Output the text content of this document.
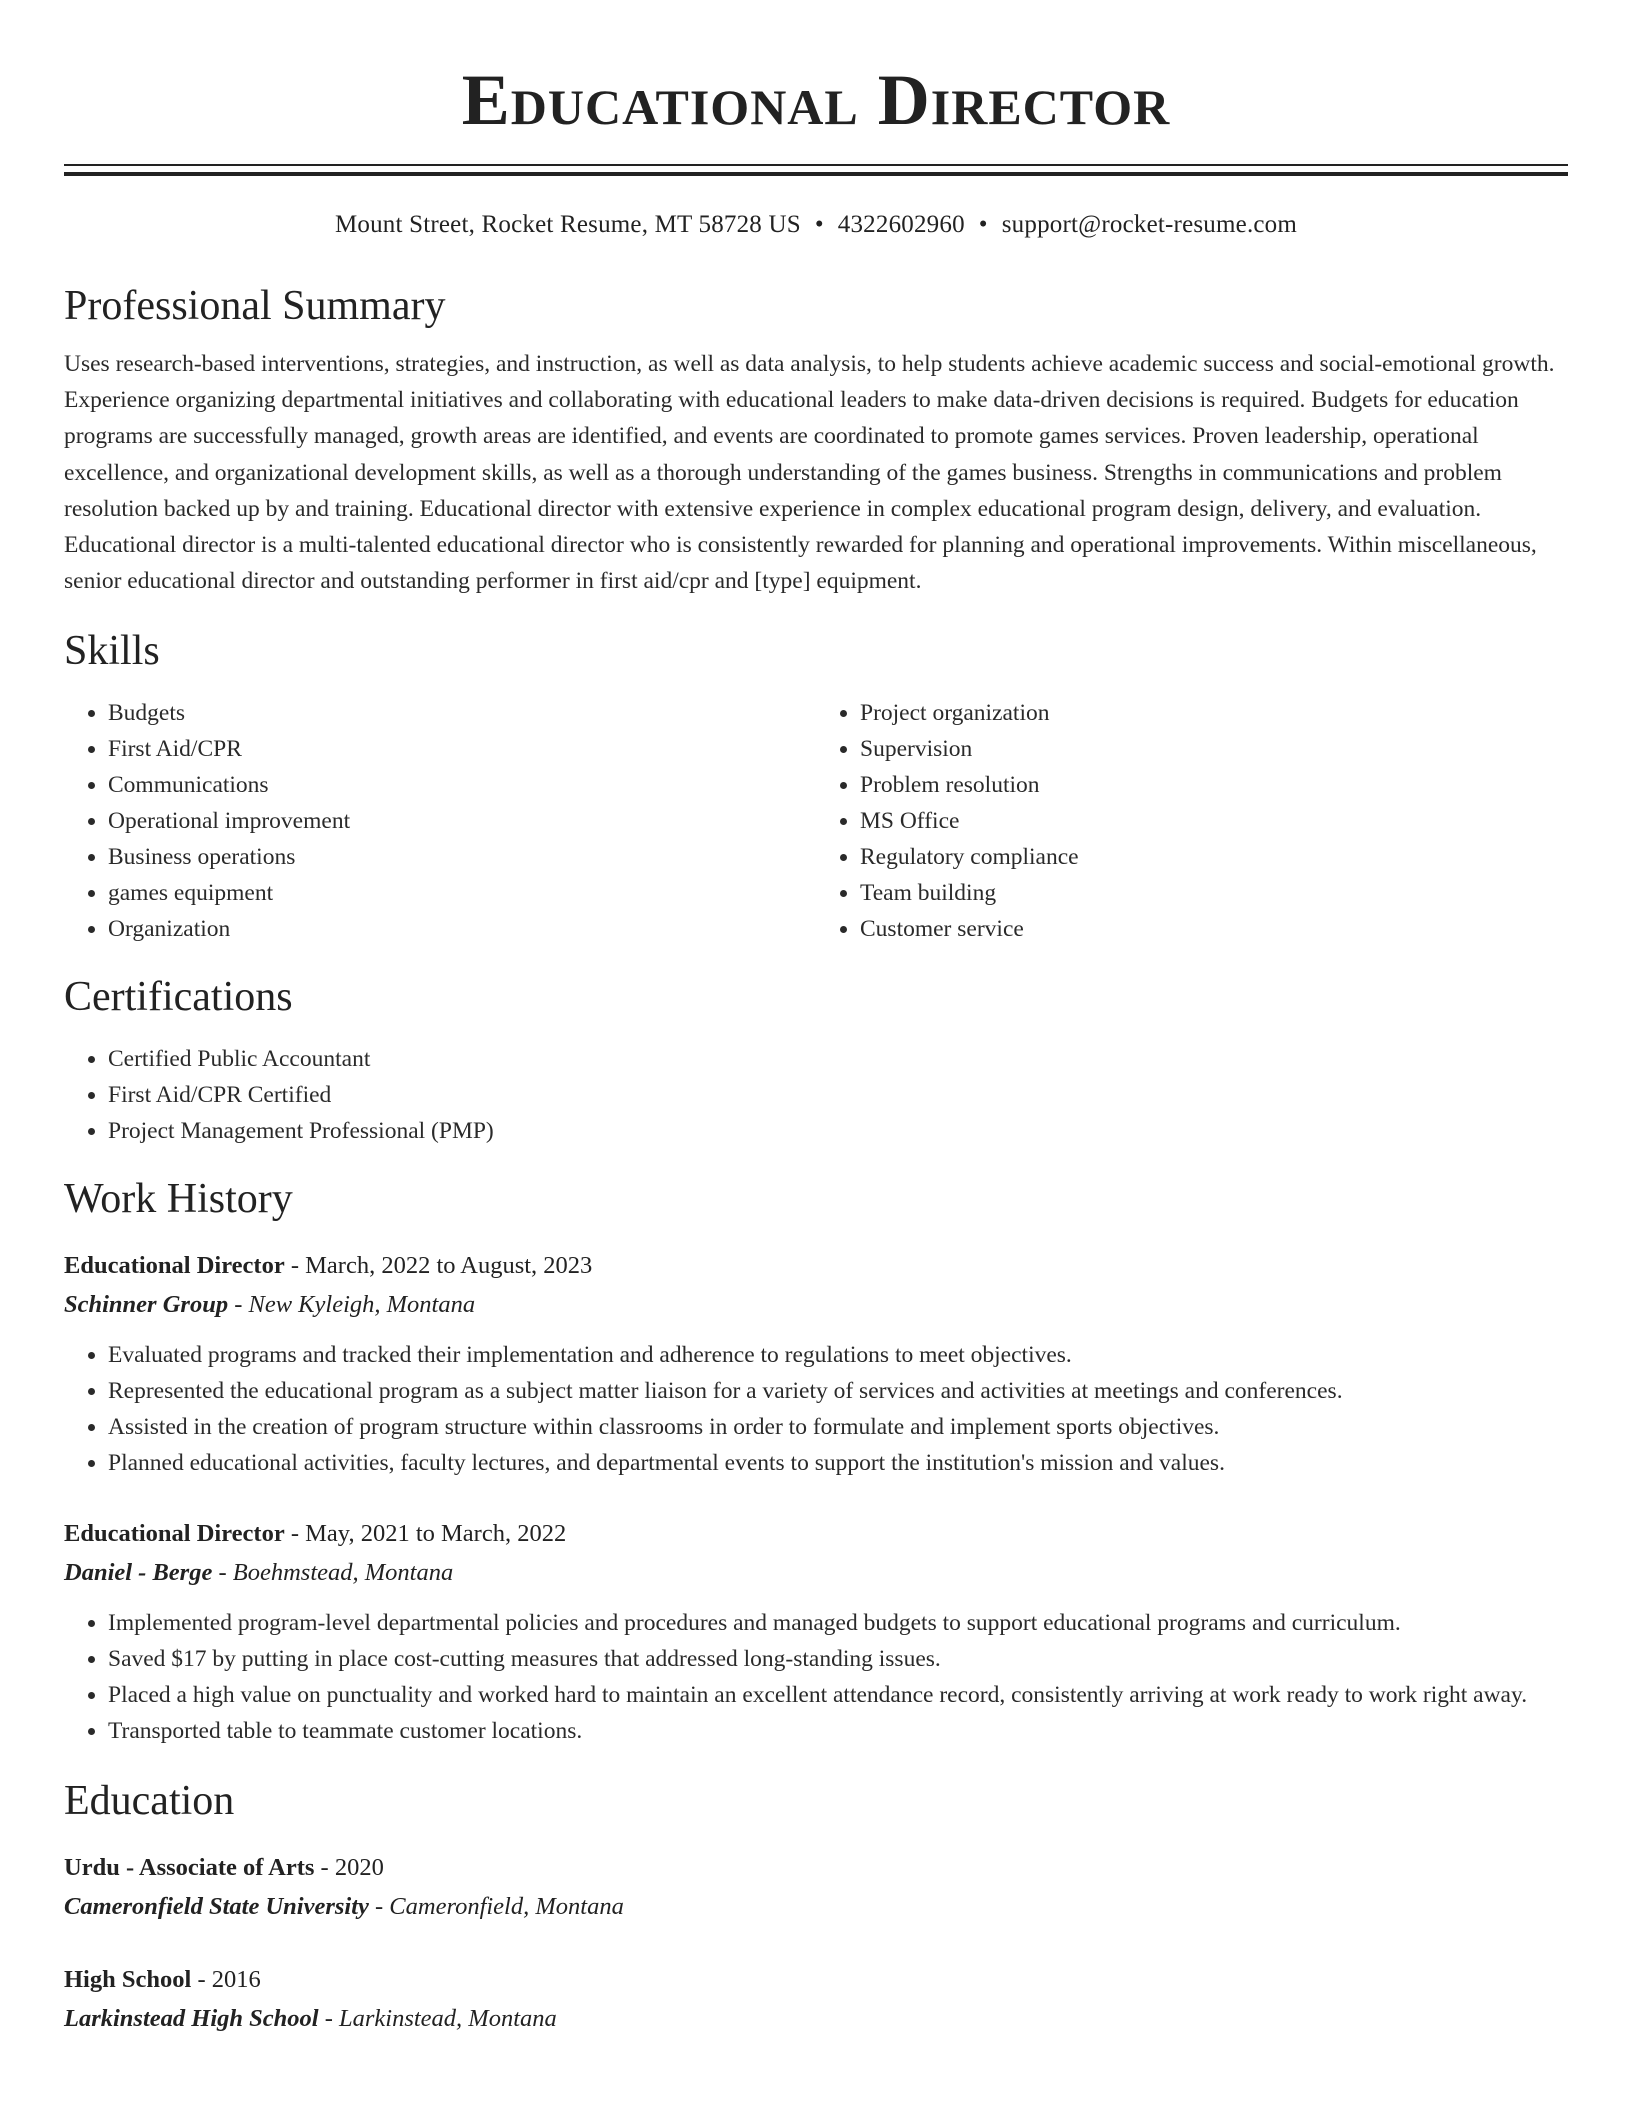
Educational Director
Mount Street, Rocket Resume, MT 58728 US • 4322602960 • support@rocket-resume.com
Professional Summary

Uses research-based interventions, strategies, and instruction, as well as data analysis, to help students achieve academic success and social-emotional growth. Experience organizing departmental initiatives and collaborating with educational leaders to make data-driven decisions is required. Budgets for education programs are successfully managed, growth areas are identified, and events are coordinated to promote games services. Proven leadership, operational excellence, and organizational development skills, as well as a thorough understanding of the games business. Strengths in communications and problem resolution backed up by and training. Educational director with extensive experience in complex educational program design, delivery, and evaluation. Educational director is a multi-talented educational director who is consistently rewarded for planning and operational improvements. Within miscellaneous, senior educational director and outstanding performer in first aid/cpr and [type] equipment.

Skills
• Budgets
• First Aid/CPR
• Communications
• Operational improvement
• Business operations
• games equipment
• Organization
• Project organization
• Supervision
• Problem resolution
• MS Office
• Regulatory compliance
• Team building
• Customer service
Certifications
• Certified Public Accountant
• First Aid/CPR Certified
• Project Management Professional (PMP)
Work History
Educational Director - March, 2022 to August, 2023
Schinner Group - New Kyleigh, Montana
• Evaluated programs and tracked their implementation and adherence to regulations to meet objectives.
• Represented the educational program as a subject matter liaison for a variety of services and activities at meetings and conferences.
• Assisted in the creation of program structure within classrooms in order to formulate and implement sports objectives.
• Planned educational activities, faculty lectures, and departmental events to support the institution's mission and values.
Educational Director - May, 2021 to March, 2022
Daniel - Berge - Boehmstead, Montana
• Implemented program-level departmental policies and procedures and managed budgets to support educational programs and curriculum.
• Saved $17 by putting in place cost-cutting measures that addressed long-standing issues.
• Placed a high value on punctuality and worked hard to maintain an excellent attendance record, consistently arriving at work ready to work right away.
• Transported table to teammate customer locations.
Education
Urdu - Associate of Arts - 2020
Cameronfield State University - Cameronfield, Montana
High School - 2016
Larkinstead High School - Larkinstead, Montana
